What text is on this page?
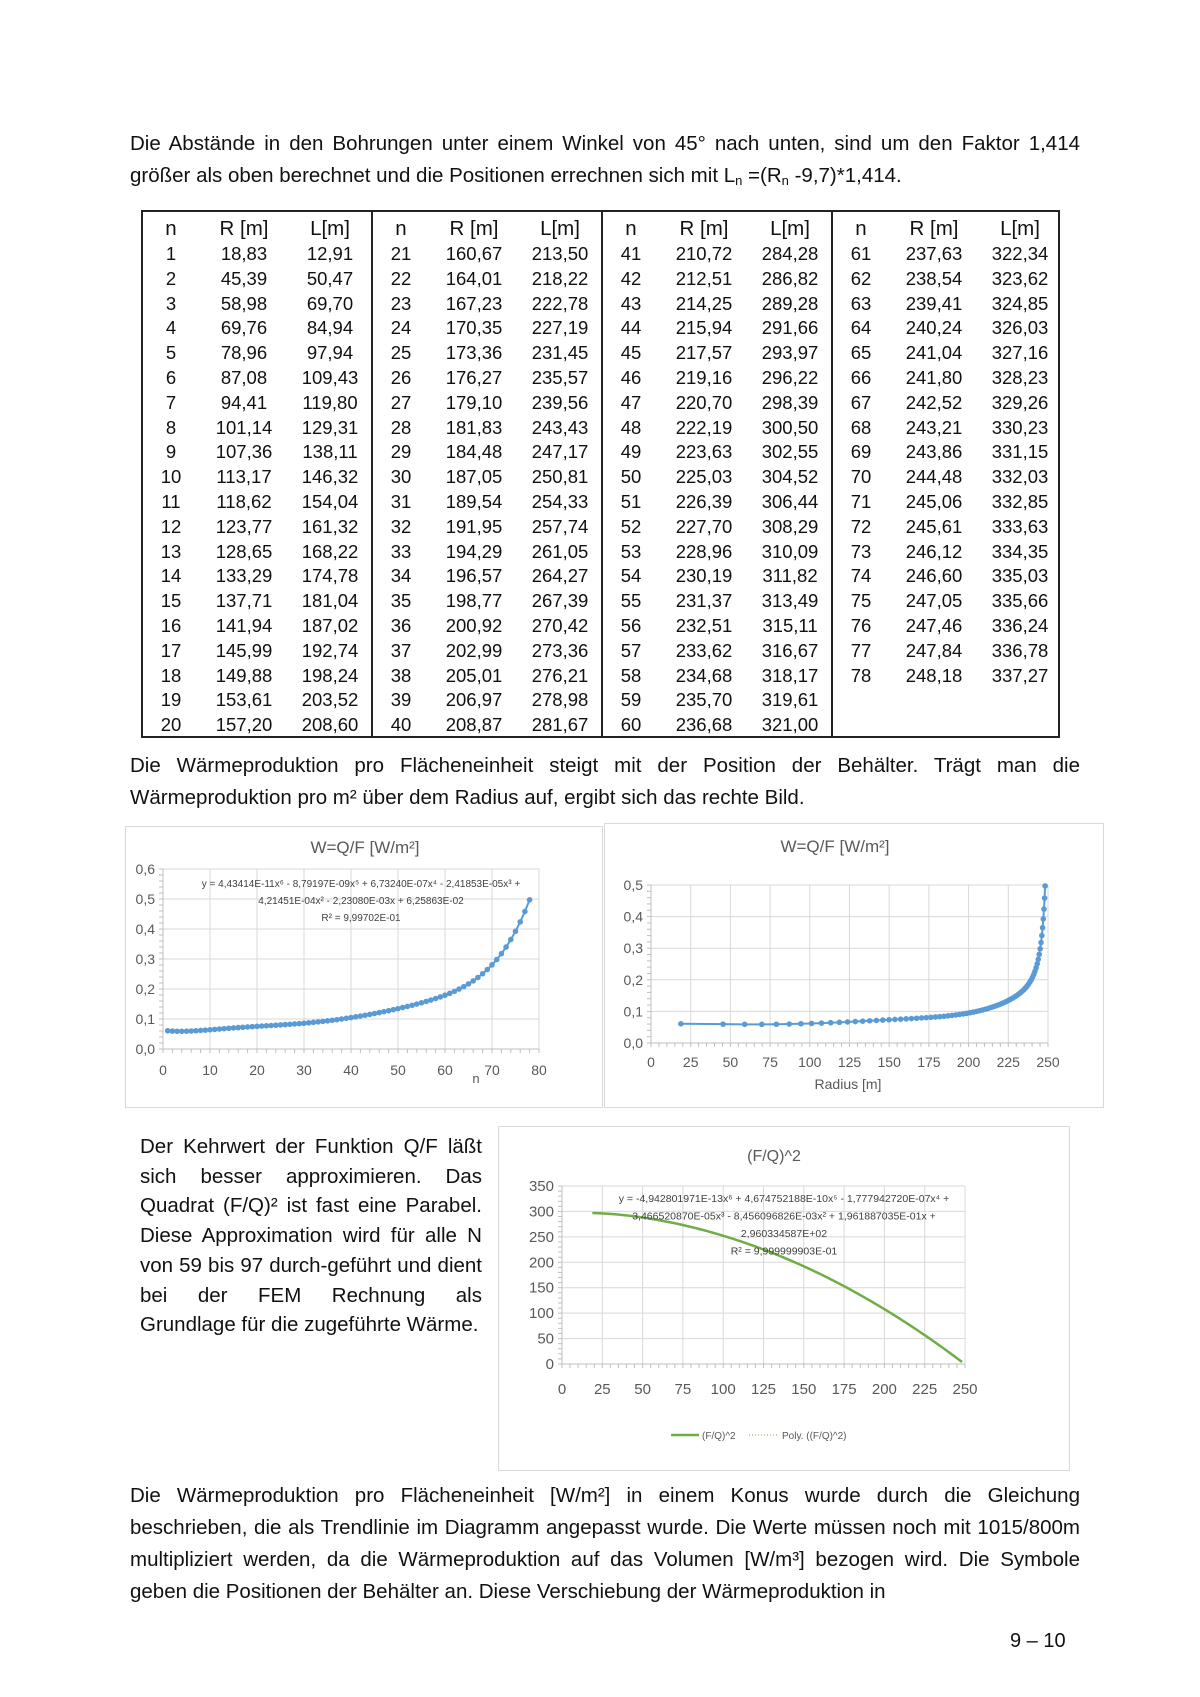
Die Abstände in den Bohrungen unter einem Winkel von 45° nach unten, sind um den Faktor 1,414 größer als oben berechnet und die Positionen errechnen sich mit $L_n =(R_n$ -9,7)*1,414.
n	R [m]	L[m]
1	18,83	12,91
2	45,39	50,47
3	58,98	69,70
4	69,76	84,94
5	78,96	97,94
6	87,08	109,43
7	94,41	119,80
8	101,14	129,31
9	107,36	138,11
10	113,17	146,32
11	118,62	154,04
12	123,77	161,32
13	128,65	168,22
14	133,29	174,78
15	137,71	181,04
16	141,94	187,02
17	145,99	192,74
18	149,88	198,24
19	153,61	203,52
20	157,20	208,60
n	R [m]	L[m]
21	160,67	213,50
22	164,01	218,22
23	167,23	222,78
24	170,35	227,19
25	173,36	231,45
26	176,27	235,57
27	179,10	239,56
28	181,83	243,43
29	184,48	247,17
30	187,05	250,81
31	189,54	254,33
32	191,95	257,74
33	194,29	261,05
34	196,57	264,27
35	198,77	267,39
36	200,92	270,42
37	202,99	273,36
38	205,01	276,21
39	206,97	278,98
40	208,87	281,67
n	R [m]	L[m]
41	210,72	284,28
42	212,51	286,82
43	214,25	289,28
44	215,94	291,66
45	217,57	293,97
46	219,16	296,22
47	220,70	298,39
48	222,19	300,50
49	223,63	302,55
50	225,03	304,52
51	226,39	306,44
52	227,70	308,29
53	228,96	310,09
54	230,19	311,82
55	231,37	313,49
56	232,51	315,11
57	233,62	316,67
58	234,68	318,17
59	235,70	319,61
60	236,68	321,00
n	R [m]	L[m]
61	237,63	322,34
62	238,54	323,62
63	239,41	324,85
64	240,24	326,03
65	241,04	327,16
66	241,80	328,23
67	242,52	329,26
68	243,21	330,23
69	243,86	331,15
70	244,48	332,03
71	245,06	332,85
72	245,61	333,63
73	246,12	334,35
74	246,60	335,03
75	247,05	335,66
76	247,46	336,24
77	247,84	336,78
78	248,18	337,27
Die Wärmeproduktion pro Flächeneinheit steigt mit der Position der Behälter. Trägt man die Wärmeproduktion pro m² über dem Radius auf, ergibt sich das rechte Bild.
W=Q/F [W/m²]
0,0
0,1
0,2
0,3
0,4
0,5
0,6
0	10 20 30 40 50 60 70 80
n
y = 4,43414E-11x⁶ - 8,79197E-09x⁵ + 6,73240E-07x⁴ - 2,41853E-05x³ +
4,21451E-04x² - 2,23080E-03x + 6,25863E-02
R² = 9,99702E-01
W=Q/F [W/m²]
0,0
0,1
0,2
0,3
0,4
0,5
0 25 50 75 100 125 150 175 200 225 250
Radius [m]
Der Kehrwert der Funktion Q/F läßt sich besser approximieren. Das Quadrat (F/Q)² ist fast eine Parabel. Diese Approximation wird für alle N von 59 bis 97 durch-geführt und dient bei der FEM Rechnung als Grundlage für die zugeführte Wärme.
(F/Q)^2
0
50
100
150
200
250
300
350
0 25 50 75 100 125 150 175 200 225 250
y = -4,942801971E-13x⁶ + 4,674752188E-10x⁵ - 1,777942720E-07x⁴ +
3,466520870E-05x³ - 8,456096826E-03x² + 1,961887035E-01x +
2,960334587E+02
R² = 9,999999903E-01
(F/Q)^2	Poly. ((F/Q)^2)
Die Wärmeproduktion pro Flächeneinheit [W/m²] in einem Konus wurde durch die Gleichung beschrieben, die als Trendlinie im Diagramm angepasst wurde. Die Werte müssen noch mit 1015/800m multipliziert werden, da die Wärmeproduktion auf das Volumen [W/m³] bezogen wird. Die Symbole geben die Positionen der Behälter an. Diese Verschiebung der Wärmeproduktion in
9 – 10
